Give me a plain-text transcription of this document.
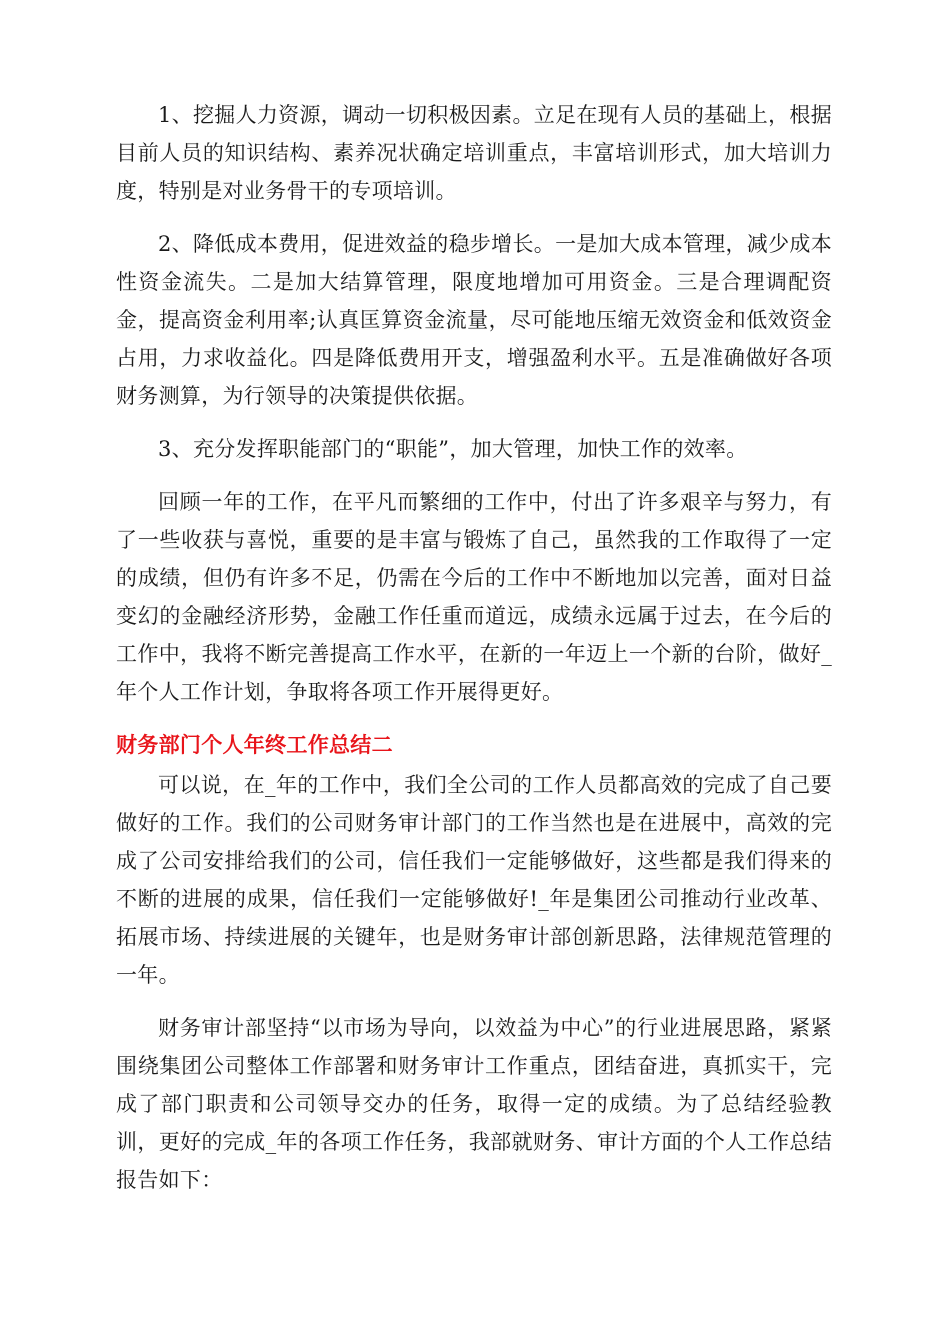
1、挖掘人力资源，调动一切积极因素。立足在现有人员的基础上，根据目前人员的知识结构、素养况状确定培训重点，丰富培训形式，加大培训力度，特别是对业务骨干的专项培训。

2、降低成本费用，促进效益的稳步增长。一是加大成本管理，减少成本性资金流失。二是加大结算管理，限度地增加可用资金。三是合理调配资金，提高资金利用率;认真匡算资金流量，尽可能地压缩无效资金和低效资金占用，力求收益化。四是降低费用开支，增强盈利水平。五是准确做好各项财务测算，为行领导的决策提供依据。

3、充分发挥职能部门的“职能”，加大管理，加快工作的效率。

回顾一年的工作，在平凡而繁细的工作中，付出了许多艰辛与努力，有了一些收获与喜悦，重要的是丰富与锻炼了自己，虽然我的工作取得了一定的成绩，但仍有许多不足，仍需在今后的工作中不断地加以完善，面对日益变幻的金融经济形势，金融工作任重而道远，成绩永远属于过去，在今后的工作中，我将不断完善提高工作水平，在新的一年迈上一个新的台阶，做好_年个人工作计划，争取将各项工作开展得更好。

财务部门个人年终工作总结二

可以说，在_年的工作中，我们全公司的工作人员都高效的完成了自己要做好的工作。我们的公司财务审计部门的工作当然也是在进展中，高效的完成了公司安排给我们的公司，信任我们一定能够做好，这些都是我们得来的不断的进展的成果，信任我们一定能够做好!_年是集团公司推动行业改革、拓展市场、持续进展的关键年，也是财务审计部创新思路，法律规范管理的一年。

财务审计部坚持“以市场为导向，以效益为中心”的行业进展思路，紧紧围绕集团公司整体工作部署和财务审计工作重点，团结奋进，真抓实干，完成了部门职责和公司领导交办的任务，取得一定的成绩。为了总结经验教训，更好的完成_年的各项工作任务，我部就财务、审计方面的个人工作总结报告如下：
